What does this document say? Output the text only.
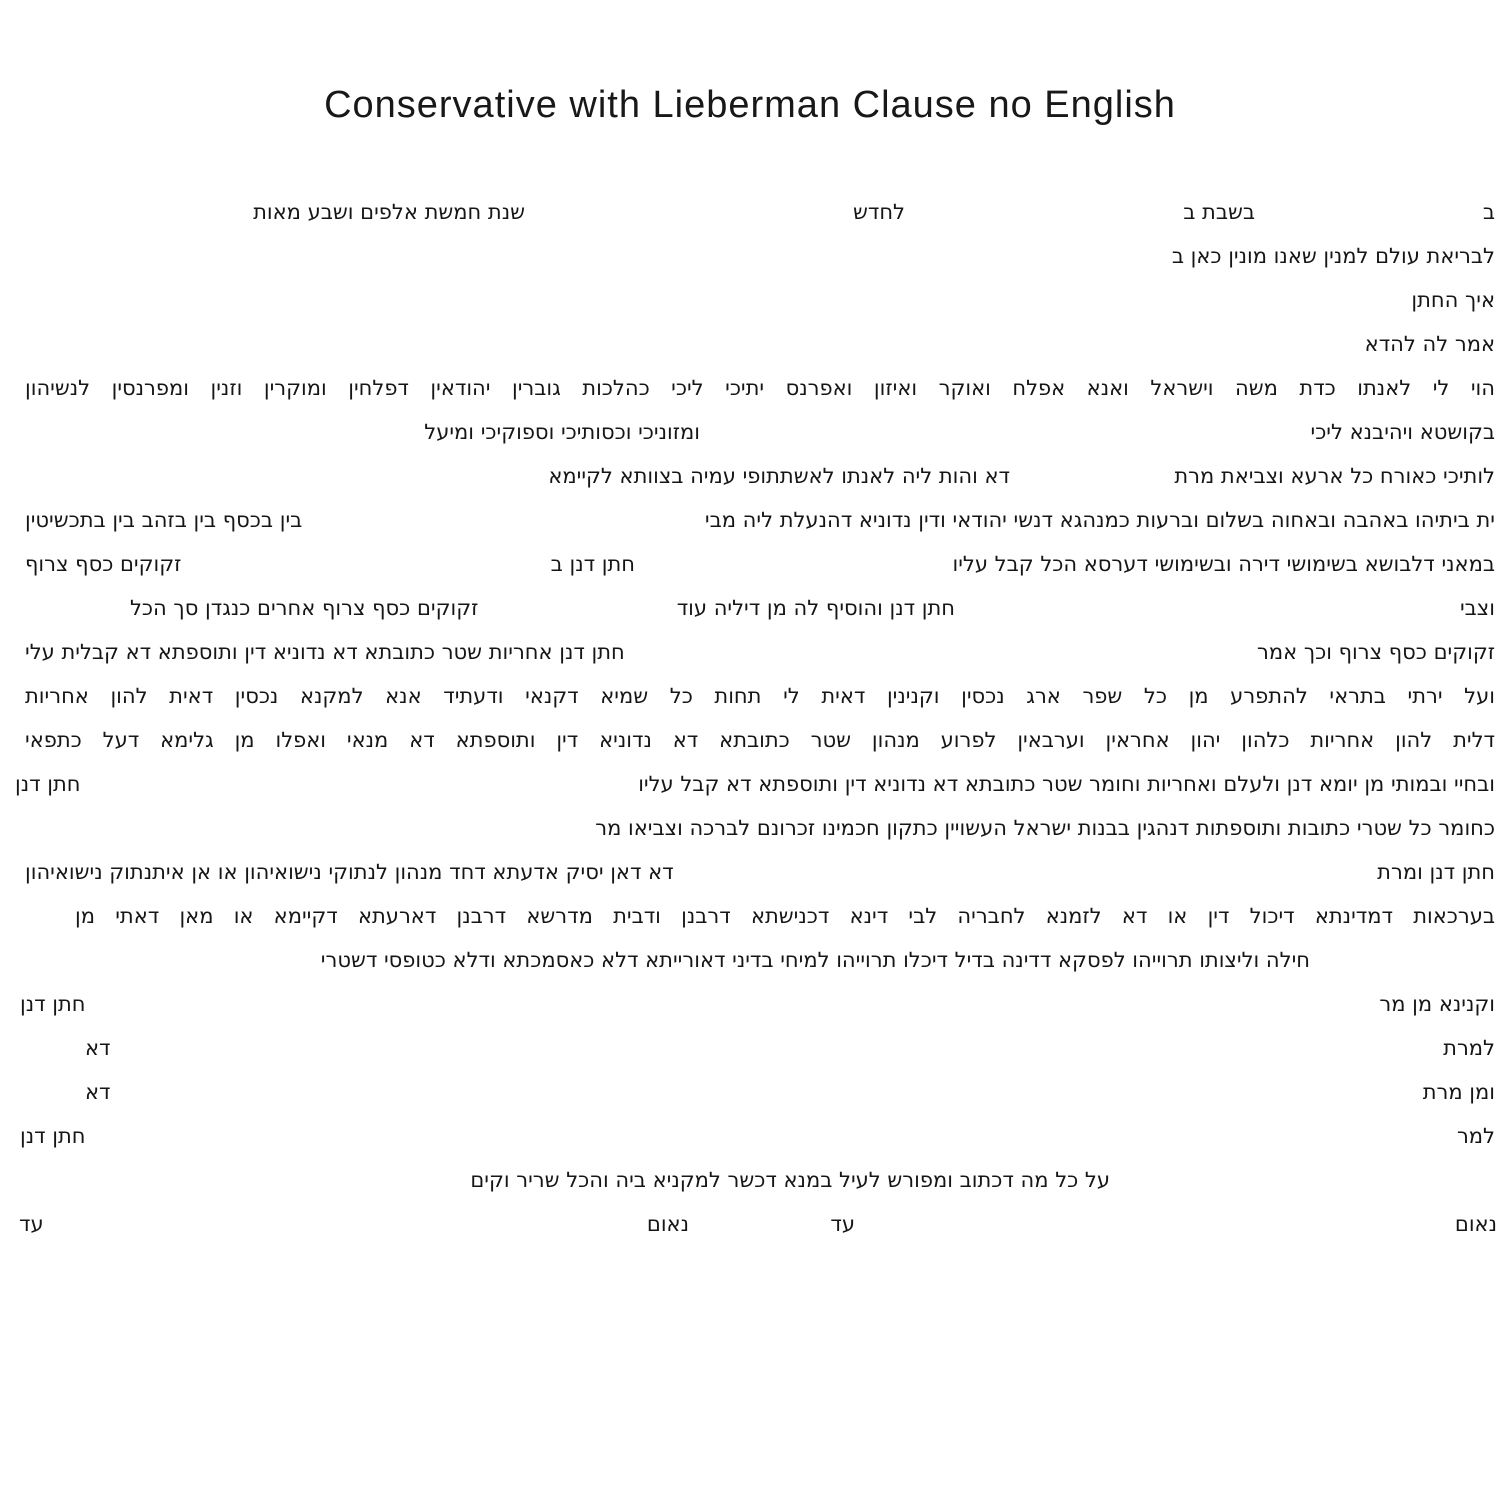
Conservative with Lieberman Clause no English
ב
בשבת ב
לחדש
שנת חמשת אלפים ושבע מאות
לבריאת עולם למנין שאנו מונין כאן ב
איך החתן
אמר לה להדא
הוי לי לאנתו כדת משה וישראל ואנא אפלח ואוקר ואיזון ואפרנס יתיכי ליכי כהלכות גוברין יהודאין דפלחין ומוקרין וזנין ומפרנסין לנשיהון
בקושטא ויהיבנא ליכי
ומזוניכי וכסותיכי וספוקיכי ומיעל
לותיכי כאורח כל ארעא וצביאת מרת
דא והות ליה לאנתו לאשתתופי עמיה בצוותא לקיימא
ית ביתיהו באהבה ובאחוה בשלום וברעות כמנהגא דנשי יהודאי ודין נדוניא דהנעלת ליה מבי
בין בכסף בין בזהב בין בתכשיטין
במאני דלבושא בשימושי דירה ובשימושי דערסא הכל קבל עליו
חתן דנן ב
זקוקים כסף צרוף
וצבי
חתן דנן והוסיף לה מן דיליה עוד
זקוקים כסף צרוף אחרים כנגדן סך הכל
זקוקים כסף צרוף וכך אמר
חתן דנן אחריות שטר כתובתא דא נדוניא דין ותוספתא דא קבלית עלי
ועל ירתי בתראי להתפרע מן כל שפר ארג נכסין וקנינין דאית לי תחות כל שמיא דקנאי ודעתיד אנא למקנא נכסין דאית להון אחריות
דלית להון אחריות כלהון יהון אחראין וערבאין לפרוע מנהון שטר כתובתא דא נדוניא דין ותוספתא דא מנאי ואפלו מן גלימא דעל כתפאי
ובחיי ובמותי מן יומא דנן ולעלם ואחריות וחומר שטר כתובתא דא נדוניא דין ותוספתא דא קבל עליו
חתן דנן
כחומר כל שטרי כתובות ותוספתות דנהגין בבנות ישראל העשויין כתקון חכמינו זכרונם לברכה וצביאו מר
חתן דנן ומרת
דא דאן יסיק אדעתא דחד מנהון לנתוקי נישואיהון או אן איתנתוק נישואיהון
בערכאות דמדינתא דיכול דין או דא לזמנא לחבריה לבי דינא דכנישתא דרבנן ודבית מדרשא דרבנן דארעתא דקיימא או מאן דאתי מן
חילה וליצותו תרוייהו לפסקא דדינה בדיל דיכלו תרוייהו למיחי בדיני דאורייתא דלא כאסמכתא ודלא כטופסי דשטרי
וקנינא מן מר
חתן דנן
למרת
דא
ומן מרת
דא
למר
חתן דנן
על כל מה דכתוב ומפורש לעיל במנא דכשר למקניא ביה והכל שריר וקים
נאום
עד
נאום
עד
